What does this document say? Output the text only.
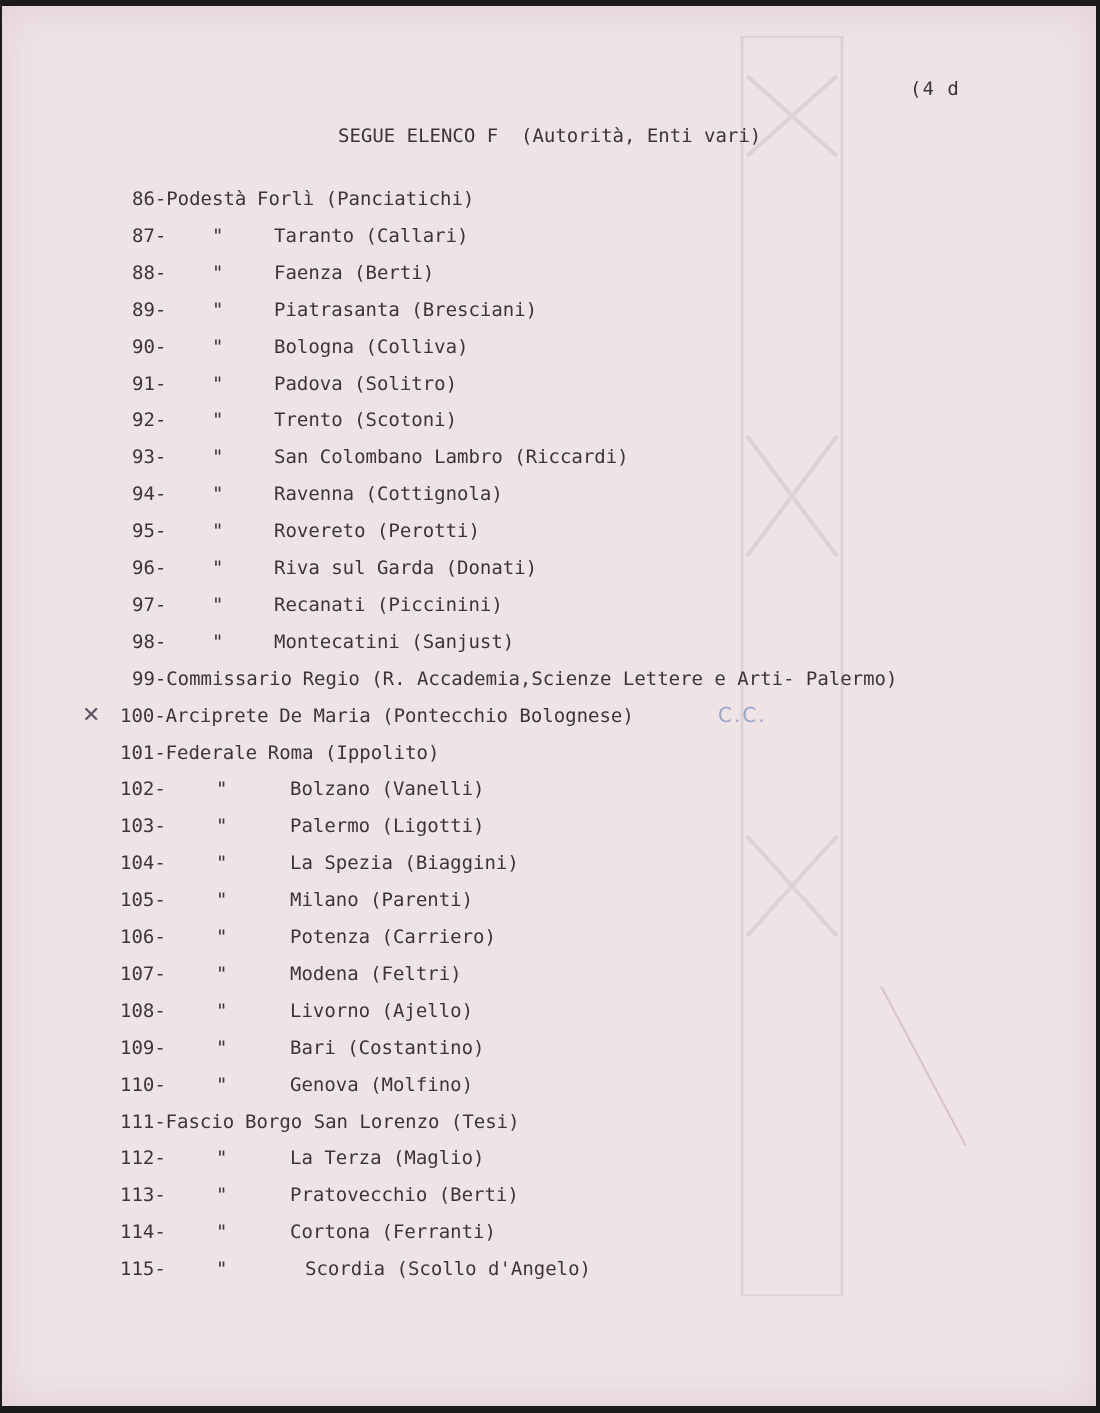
(4 d
SEGUE ELENCO F  (Autorità, Enti vari)
✕	C.C.
86- Podestà Forlì (Panciatichi)
87- "	Taranto (Callari)
88- "	Faenza (Berti)
89- "	Piatrasanta (Bresciani)
90- "	Bologna (Colliva)
91- "	Padova (Solitro)
92- "	Trento (Scotoni)
93- "	San Colombano Lambro (Riccardi)
94- "	Ravenna (Cottignola)
95- "	Rovereto (Perotti)
96- "	Riva sul Garda (Donati)
97- "	Recanati (Piccinini)
98- "	Montecatini (Sanjust)
99- Commissario Regio (R. Accademia,Scienze Lettere e Arti- Palermo)
100- Arciprete De Maria (Pontecchio Bolognese)
101- Federale Roma (Ippolito)
102-	"	Bolzano (Vanelli)
103-	"	Palermo (Ligotti)
104-	"	La Spezia (Biaggini)
105-	"	Milano (Parenti)
106-	"	Potenza (Carriero)
107-	"	Modena (Feltri)
108-	"	Livorno (Ajello)
109-	"	Bari (Costantino)
110-	"	Genova (Molfino)
111- Fascio Borgo San Lorenzo (Tesi)
112-	"	La Terza (Maglio)
113-	"	Pratovecchio (Berti)
114-	"	Cortona (Ferranti)
115-	"	Scordia (Scollo d'Angelo)
